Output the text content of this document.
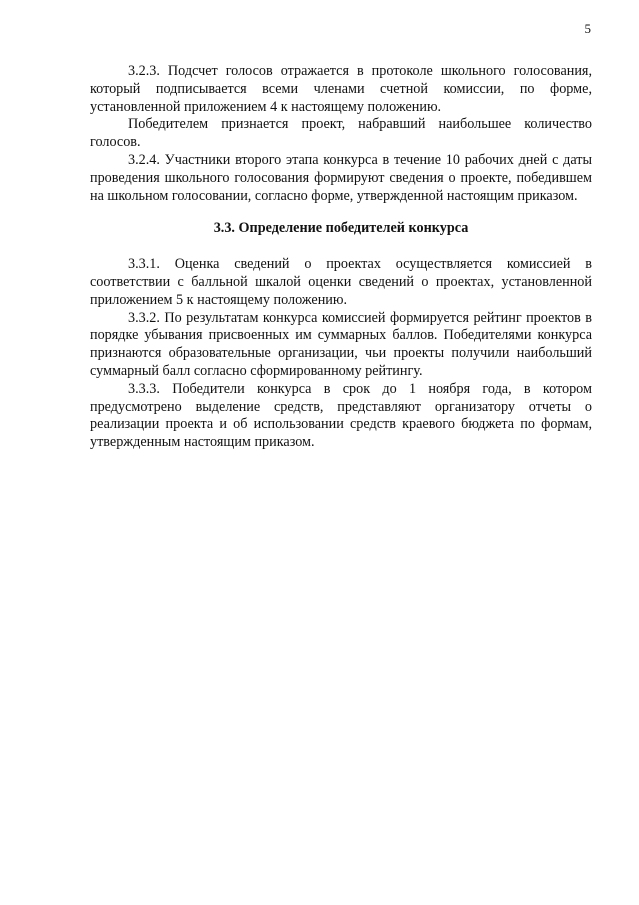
5

3.2.3. Подсчет голосов отражается в протоколе школьного голосования, который подписывается всеми членами счетной комиссии, по форме, установленной приложением 4 к настоящему положению.

Победителем признается проект, набравший наибольшее количество голосов.

3.2.4. Участники второго этапа конкурса в течение 10 рабочих дней с даты проведения школьного голосования формируют сведения о проекте, победившем на школьном голосовании, согласно форме, утвержденной настоящим приказом.

3.3. Определение победителей конкурса

3.3.1. Оценка сведений о проектах осуществляется комиссией в соответствии с балльной шкалой оценки сведений о проектах, установленной приложением 5 к настоящему положению.

3.3.2. По результатам конкурса комиссией формируется рейтинг проектов в порядке убывания присвоенных им суммарных баллов. Победителями конкурса признаются образовательные организации, чьи проекты получили наибольший суммарный балл согласно сформированному рейтингу.

3.3.3. Победители конкурса в срок до 1 ноября года, в котором предусмотрено выделение средств, представляют организатору отчеты о реализации проекта и об использовании средств краевого бюджета по формам, утвержденным настоящим приказом.
